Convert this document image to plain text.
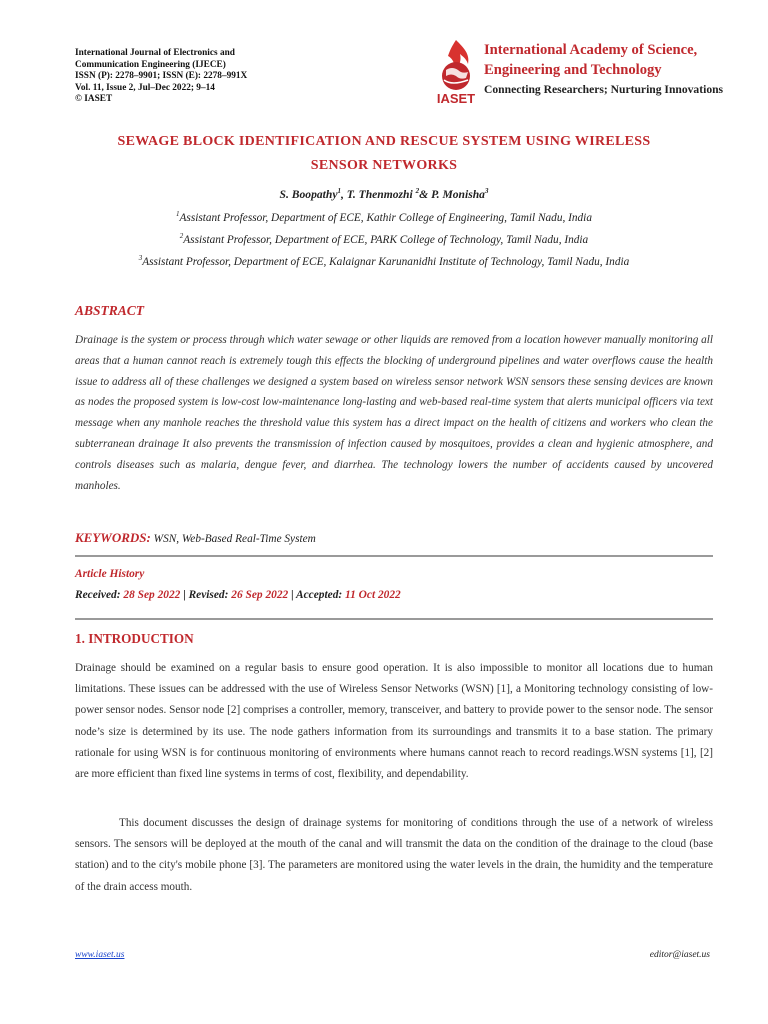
International Journal of Electronics and
Communication Engineering (IJECE)
ISSN (P): 2278–9901; ISSN (E): 2278–991X
Vol. 11, Issue 2, Jul–Dec 2022; 9–14
© IASET	IASET
International Academy of Science,
Engineering and Technology
Connecting Researchers; Nurturing Innovations
SEWAGE BLOCK IDENTIFICATION AND RESCUE SYSTEM USING WIRELESS
SENSOR NETWORKS
S. Boopathy$^1$, T. Thenmozhi $^2$& P. Monisha$^3$
$^1$Assistant Professor, Department of ECE, Kathir College of Engineering, Tamil Nadu, India
$^2$Assistant Professor, Department of ECE, PARK College of Technology, Tamil Nadu, India
$^3$Assistant Professor, Department of ECE, Kalaignar Karunanidhi Institute of Technology, Tamil Nadu, India
ABSTRACT
Drainage is the system or process through which water sewage or other liquids are removed from a location however manually monitoring all areas that a human cannot reach is extremely tough this effects the blocking of underground pipelines and water overflows cause the health issue to address all of these challenges we designed a system based on wireless sensor network WSN sensors these sensing devices are known as nodes the proposed system is low-cost low-maintenance long-lasting and web-based real-time system that alerts municipal officers via text message when any manhole reaches the threshold value this system has a direct impact on the health of citizens and workers who clean the subterranean drainage It also prevents the transmission of infection caused by mosquitoes, provides a clean and hygienic atmosphere, and controls diseases such as malaria, dengue fever, and diarrhea. The technology lowers the number of accidents caused by uncovered manholes.
KEYWORDS: WSN, Web-Based Real-Time System
Article History
Received: 28 Sep 2022 | Revised: 26 Sep 2022 | Accepted: 11 Oct 2022
1. INTRODUCTION
Drainage should be examined on a regular basis to ensure good operation. It is also impossible to monitor all locations due to human limitations. These issues can be addressed with the use of Wireless Sensor Networks (WSN) [1], a Monitoring technology consisting of low-power sensor nodes. Sensor node [2] comprises a controller, memory, transceiver, and battery to provide power to the sensor node. The sensor node’s size is determined by its use. The node gathers information from its surroundings and transmits it to a base station. The primary rationale for using WSN is for continuous monitoring of environments where humans cannot reach to record readings.WSN systems [1], [2] are more efficient than fixed line systems in terms of cost, flexibility, and dependability.
This document discusses the design of drainage systems for monitoring of conditions through the use of a network of wireless sensors. The sensors will be deployed at the mouth of the canal and will transmit the data on the condition of the drainage to the cloud (base station) and to the city's mobile phone [3]. The parameters are monitored using the water levels in the drain, the humidity and the temperature of the drain access mouth.
www.iaset.us	editor@iaset.us
